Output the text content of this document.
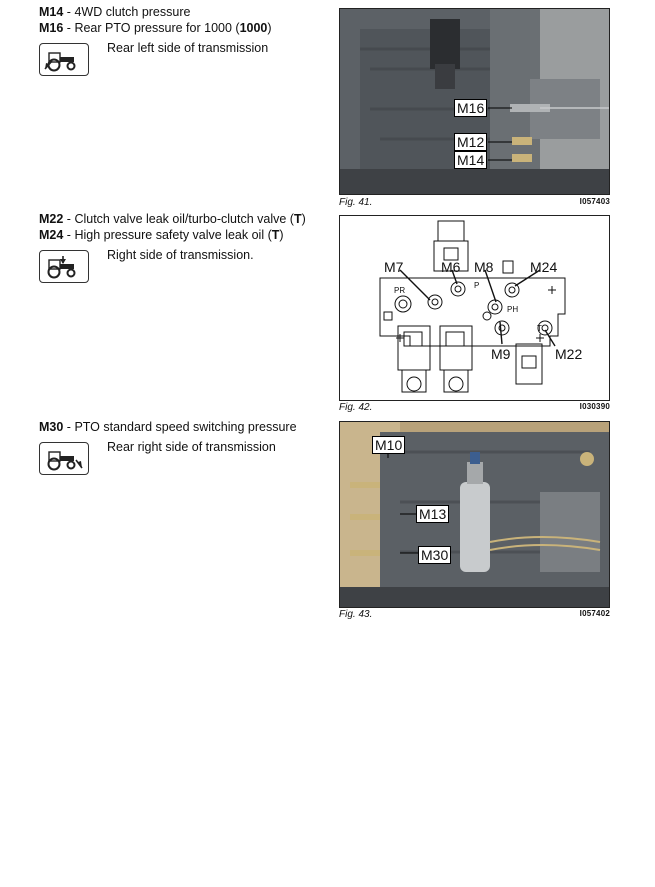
M14 - 4WD clutch pressure
M16 - Rear PTO pressure for 1000 (1000)
Rear left side of transmission
M16
M12
M14
Fig. 41.	I057403
M22 - Clutch valve leak oil/turbo-clutch valve (T)
M24 - High pressure safety valve leak oil (T)
Right side of transmission.
M7	M6 M8	M24
M9	M22
PR
P
PH
T
Fig. 42.	I030390
M30 - PTO standard speed switching pressure
Rear right side of transmission	M10
M13
M30
Fig. 43.	I057402
